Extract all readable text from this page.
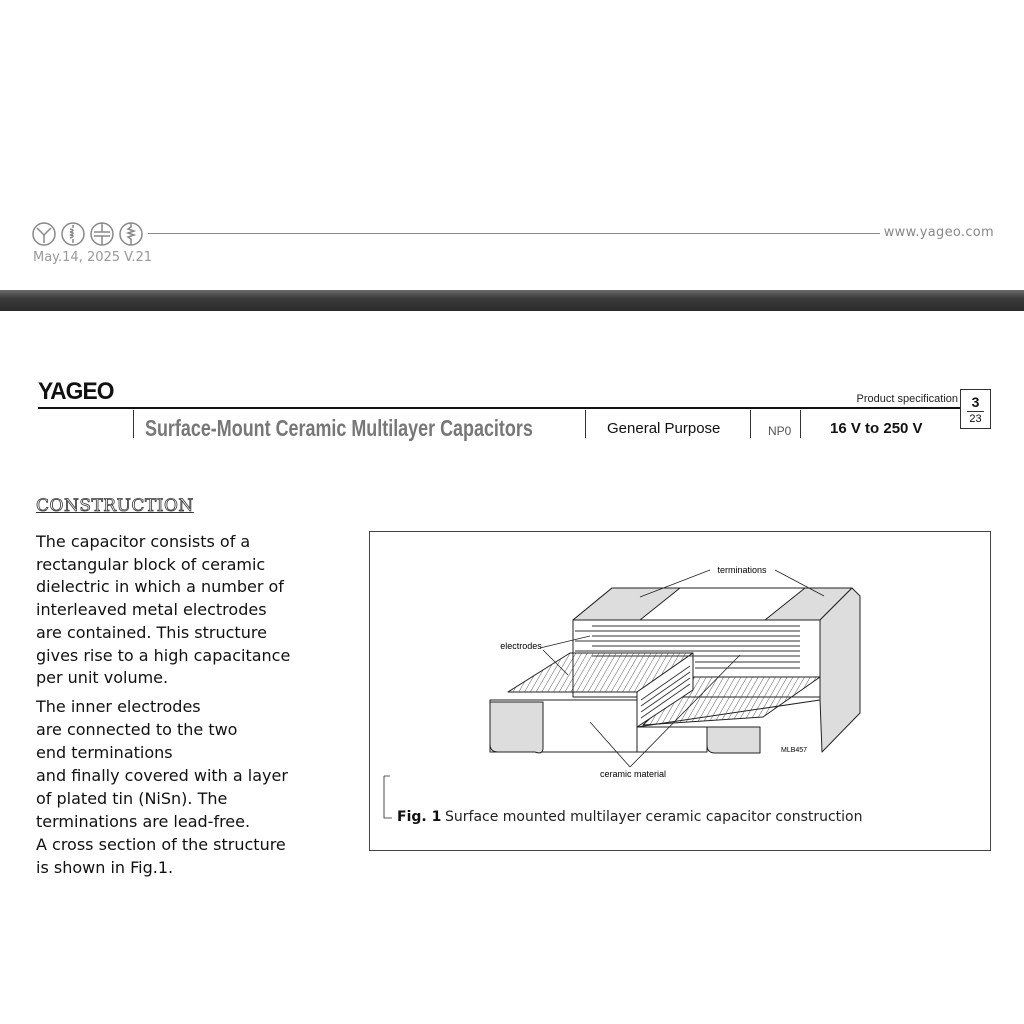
www.yageo.com
May.14, 2025 V.21
YAGEO	Product specification
Surface-Mount Ceramic Multilayer Capacitors	General Purpose	NP0	16 V to 250 V
3
23
CONSTRUCTION
The capacitor consists of a
rectangular block of ceramic
dielectric in which a number of
interleaved metal electrodes
are contained. This structure
gives rise to a high capacitance
per unit volume.
The inner electrodes
are connected to the two
end terminations
and finally covered with a layer
of plated tin (NiSn). The
terminations are lead-free.
A cross section of the structure
is shown in Fig.1.
terminations
electrodes
ceramic material
MLB457
Fig. 1 Surface mounted multilayer ceramic capacitor construction
